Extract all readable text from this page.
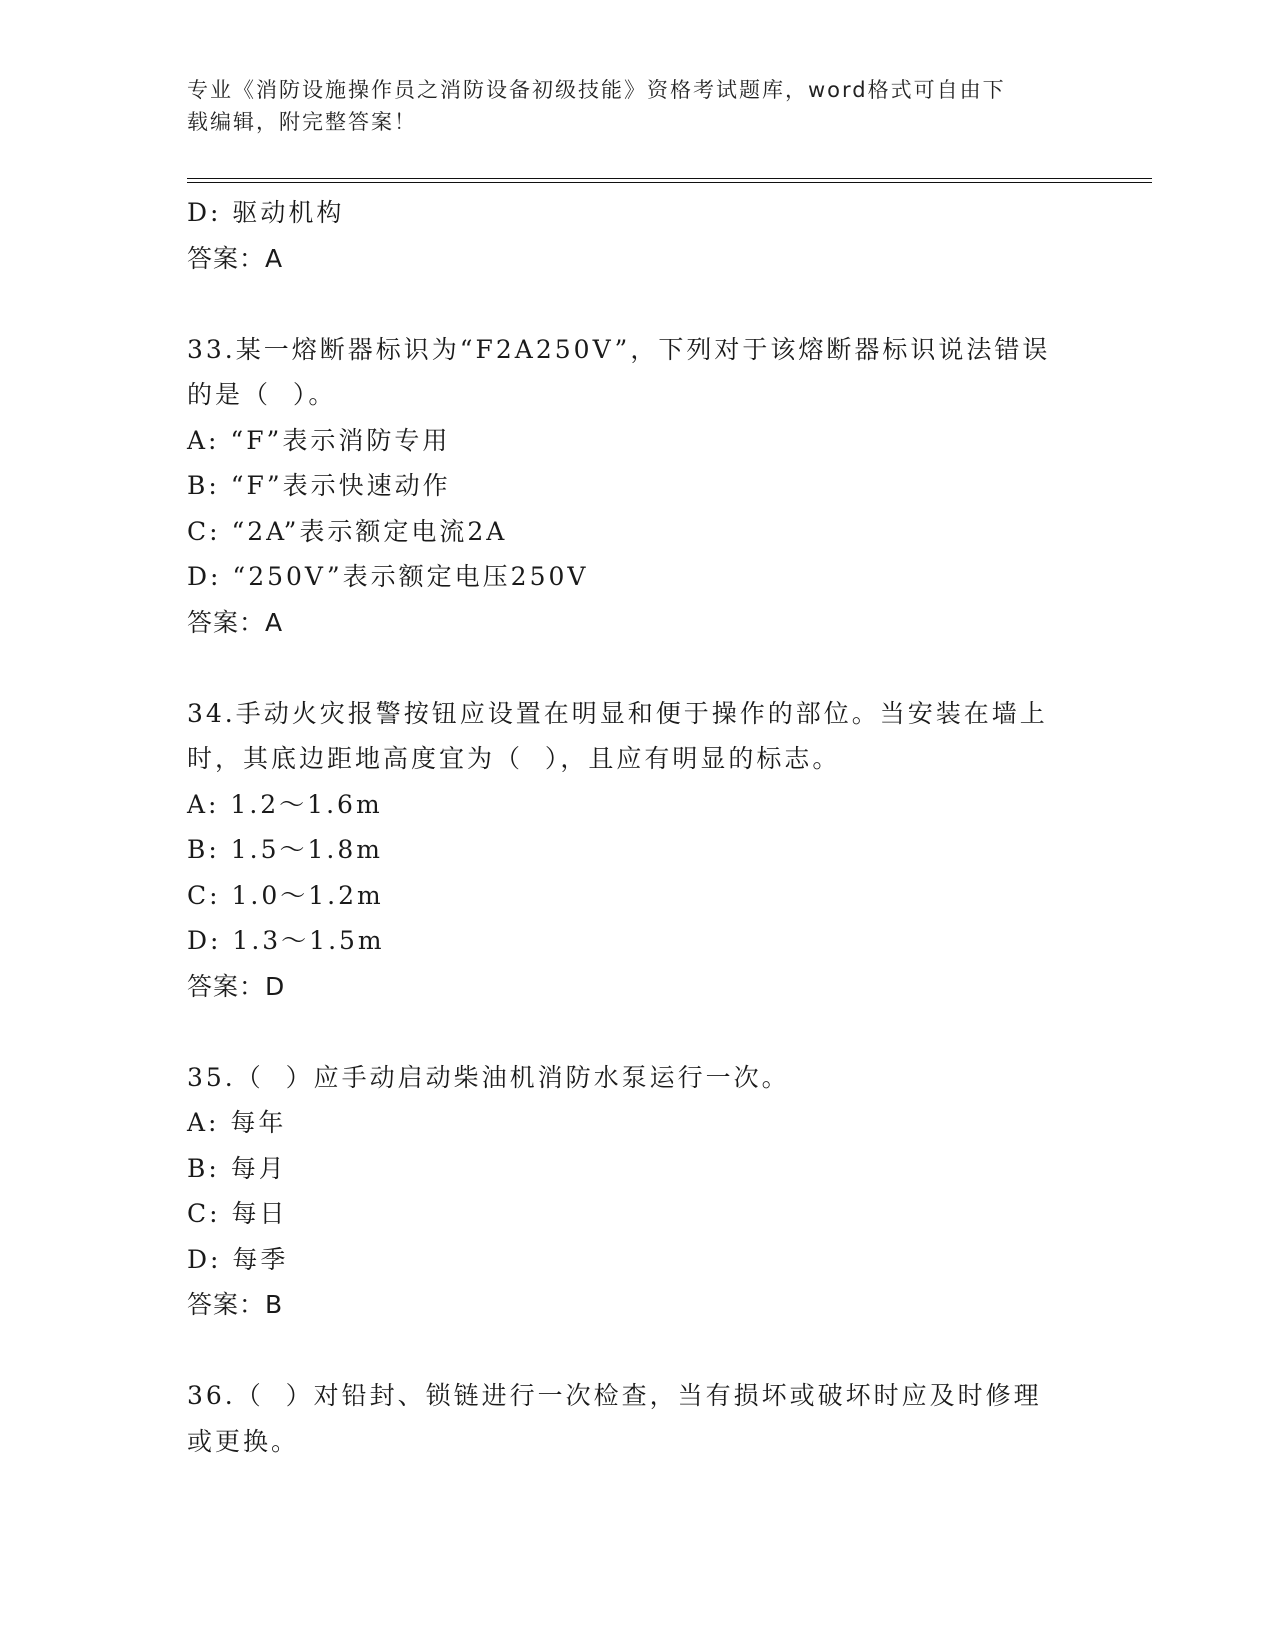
专业《消防设施操作员之消防设备初级技能》资格考试题库，word格式可自由下
载编辑，附完整答案！

D: 驱动机构

答案：A

33.某一熔断器标识为“F2A250V”，下列对于该熔断器标识说法错误

的是（  ）。

A: “F”表示消防专用

B: “F”表示快速动作

C: “2A”表示额定电流2A

D: “250V”表示额定电压250V

答案：A

34.手动火灾报警按钮应设置在明显和便于操作的部位。当安装在墙上

时，其底边距地高度宜为（  ），且应有明显的标志。

A: 1.2～1.6m

B: 1.5～1.8m

C: 1.0～1.2m

D: 1.3～1.5m

答案：D

35.（  ）应手动启动柴油机消防水泵运行一次。

A: 每年

B: 每月

C: 每日

D: 每季

答案：B

36.（  ）对铅封、锁链进行一次检查，当有损坏或破坏时应及时修理

或更换。
